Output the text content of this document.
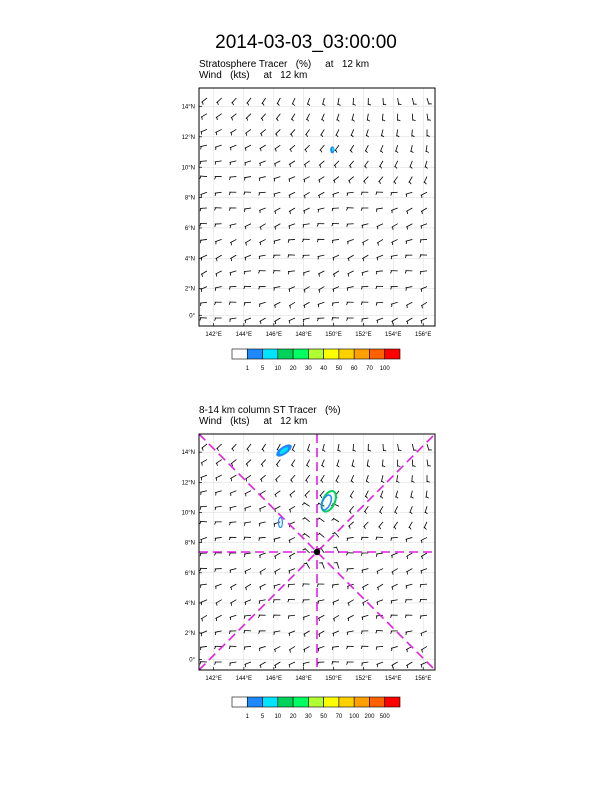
2014-03-03_03:00:00
Stratosphere Tracer   (%)     at   12 km
Wind   (kts)     at   12 km
8-14 km column ST Tracer   (%)
Wind   (kts)     at   12 km
14°N
12°N
10°N
8°N
6°N
4°N
2°N
0°
142°E 144°E 146°E 148°E 150°E 152°E 154°E 156°E
1 5 10 20 30 40 50 60 70 100
14°N
12°N
10°N
8°N
6°N
4°N
2°N
0°
142°E 144°E 146°E 148°E 150°E 152°E 154°E 156°E
1 5 10 20 30 50 70 100 200 500
